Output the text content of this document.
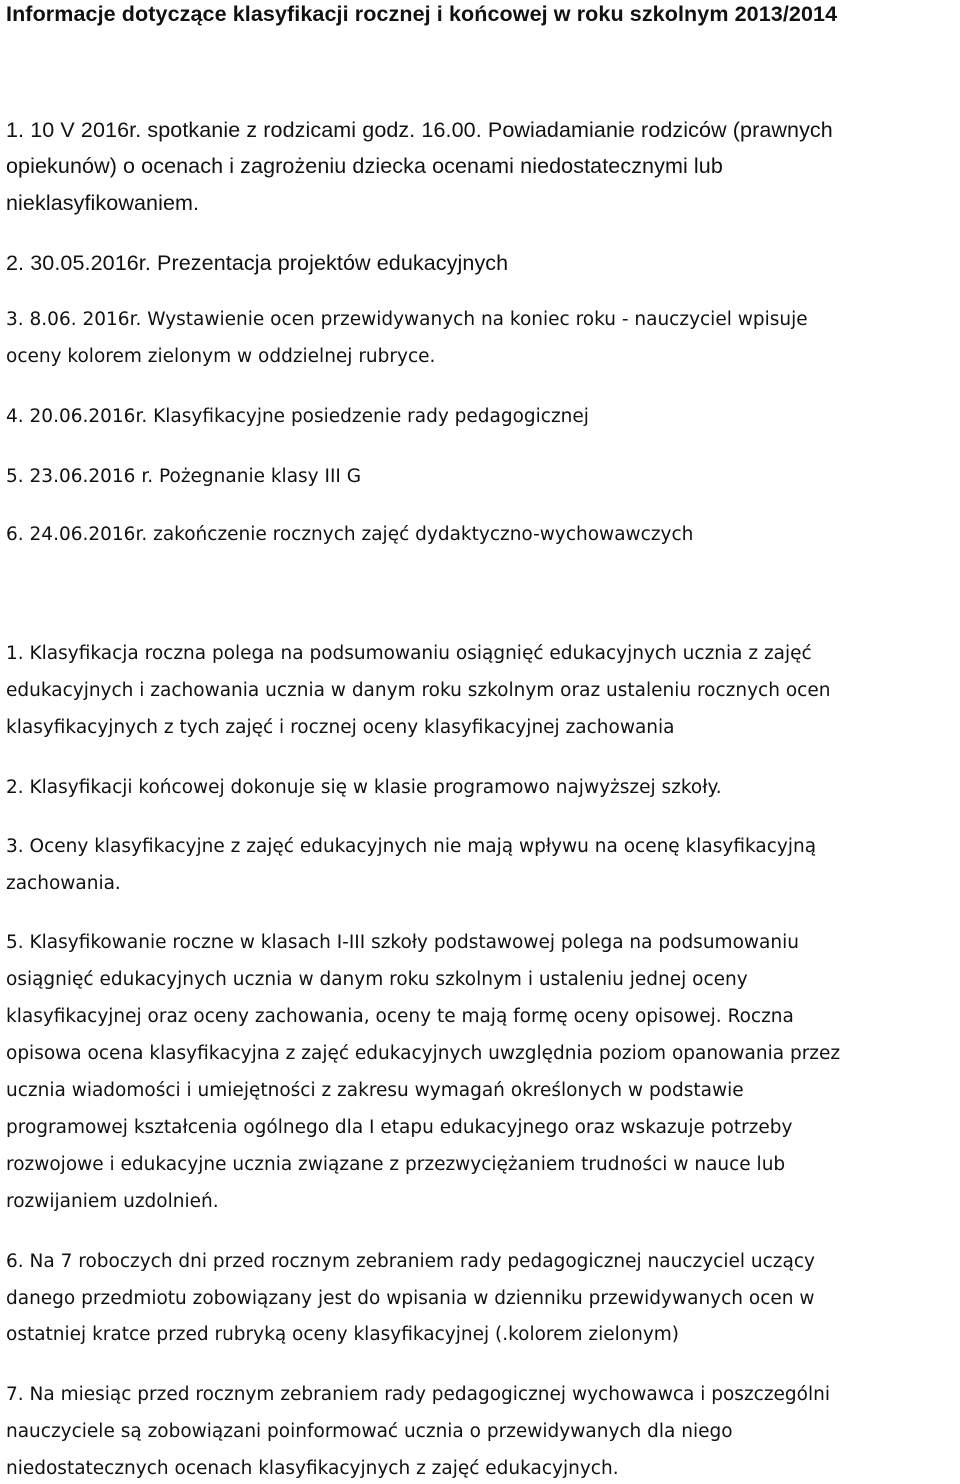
Informacje dotyczące klasyfikacji rocznej i końcowej w roku szkolnym 2013/2014

1. 10 V 2016r. spotkanie z rodzicami godz. 16.00. Powiadamianie rodziców (prawnych

opiekunów) o ocenach i zagrożeniu dziecka ocenami niedostatecznymi lub

nieklasyfikowaniem.

2. 30.05.2016r. Prezentacja projektów edukacyjnych

3. 8.06. 2016r. Wystawienie ocen przewidywanych na koniec roku - nauczyciel wpisuje

oceny kolorem zielonym w oddzielnej rubryce.

4. 20.06.2016r. Klasyfikacyjne posiedzenie rady pedagogicznej

5. 23.06.2016 r. Pożegnanie klasy III G

6. 24.06.2016r. zakończenie rocznych zajęć dydaktyczno-wychowawczych

1. Klasyfikacja roczna polega na podsumowaniu osiągnięć edukacyjnych ucznia z zajęć

edukacyjnych i zachowania ucznia w danym roku szkolnym oraz ustaleniu rocznych ocen

klasyfikacyjnych z tych zajęć i rocznej oceny klasyfikacyjnej zachowania

2. Klasyfikacji końcowej dokonuje się w klasie programowo najwyższej szkoły.

3. Oceny klasyfikacyjne z zajęć edukacyjnych nie mają wpływu na ocenę klasyfikacyjną

zachowania.

5. Klasyfikowanie roczne w klasach I-III szkoły podstawowej polega na podsumowaniu

osiągnięć edukacyjnych ucznia w danym roku szkolnym i ustaleniu jednej oceny

klasyfikacyjnej oraz oceny zachowania, oceny te mają formę oceny opisowej. Roczna

opisowa ocena klasyfikacyjna z zajęć edukacyjnych uwzględnia poziom opanowania przez

ucznia wiadomości i umiejętności z zakresu wymagań określonych w podstawie

programowej kształcenia ogólnego dla I etapu edukacyjnego oraz wskazuje potrzeby

rozwojowe i edukacyjne ucznia związane z przezwyciężaniem trudności w nauce lub

rozwijaniem uzdolnień.

6. Na 7 roboczych dni przed rocznym zebraniem rady pedagogicznej nauczyciel uczący

danego przedmiotu zobowiązany jest do wpisania w dzienniku przewidywanych ocen w

ostatniej kratce przed rubryką oceny klasyfikacyjnej (.kolorem zielonym)

7. Na miesiąc przed rocznym zebraniem rady pedagogicznej wychowawca i poszczególni

nauczyciele są zobowiązani poinformować ucznia o przewidywanych dla niego

niedostatecznych ocenach klasyfikacyjnych z zajęć edukacyjnych.
